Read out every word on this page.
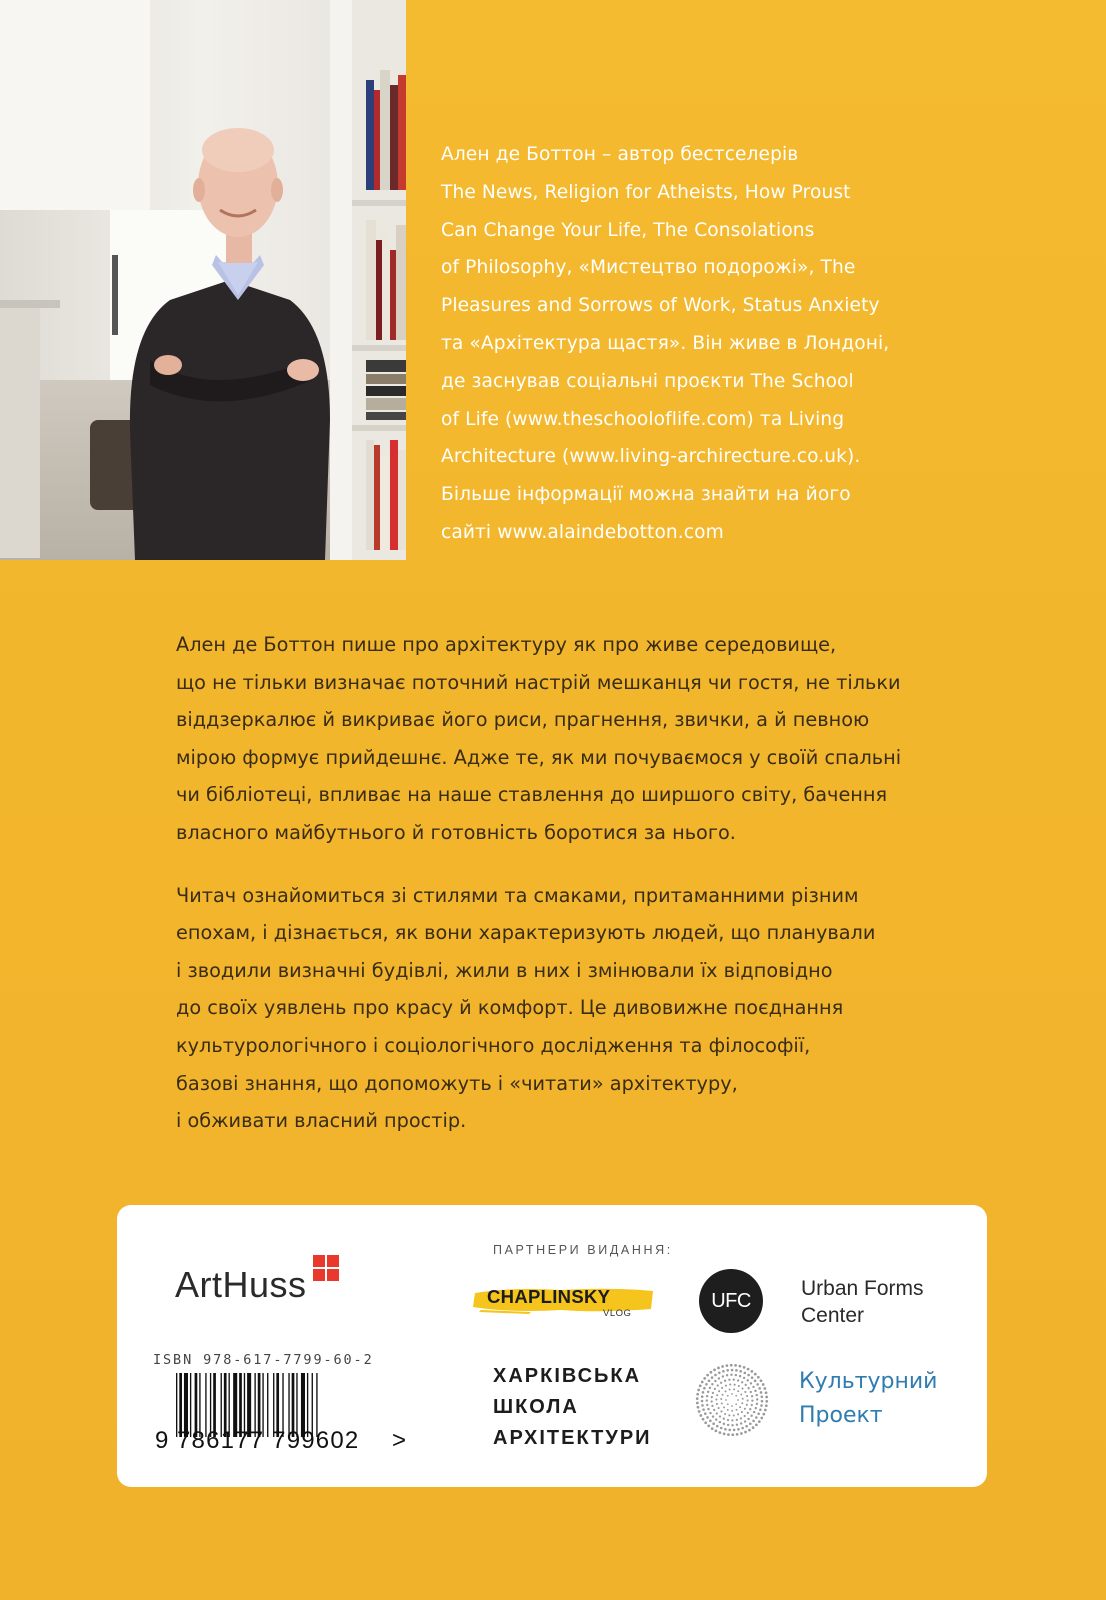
Ален де Боттон – автор бестселерів

The News, Religion for Atheists, How Proust

Can Change Your Life, The Consolations

of Philosophy, «Мистецтво подорожі», The

Pleasures and Sorrows of Work, Status Anxiety

та «Архітектура щастя». Він живе в Лондоні,

де заснував соціальні проєкти The School

of Life (www.theschooloflife.com) та Living

Architecture (www.living-archirecture.co.uk).

Більше інформації можна знайти на його

сайті www.alaindebotton.com

Ален де Боттон пише про архітектуру як про живе середовище,
що не тільки визначає поточний настрій мешканця чи гостя, не тільки
віддзеркалює й викриває його риси, прагнення, звички, а й певною
мірою формує прийдешнє. Адже те, як ми почуваємося у своїй спальні
чи бібліотеці, впливає на наше ставлення до ширшого світу, бачення
власного майбутнього й готовність боротися за нього.

Читач ознайомиться зі стилями та смаками, притаманними різним
епохам, і дізнається, як вони характеризують людей, що планували
і зводили визначні будівлі, жили в них і змінювали їх відповідно
до своїх уявлень про красу й комфорт. Це дивовижне поєднання
культурологічного і соціологічного дослідження та філософії,
базові знання, що допоможуть і «читати» архітектуру,
і обживати власний простір.

ArtHuss
ISBN 978-617-7799-60-2
9 786177 799602 >
ПАРТНЕРИ ВИДАННЯ:
CHAPLINSKY
VLOG
ХАРКІВСЬКА
ШКОЛА
АРХІТЕКТУРИ
UFC
Urban Forms
Center
Культурний
Проект
